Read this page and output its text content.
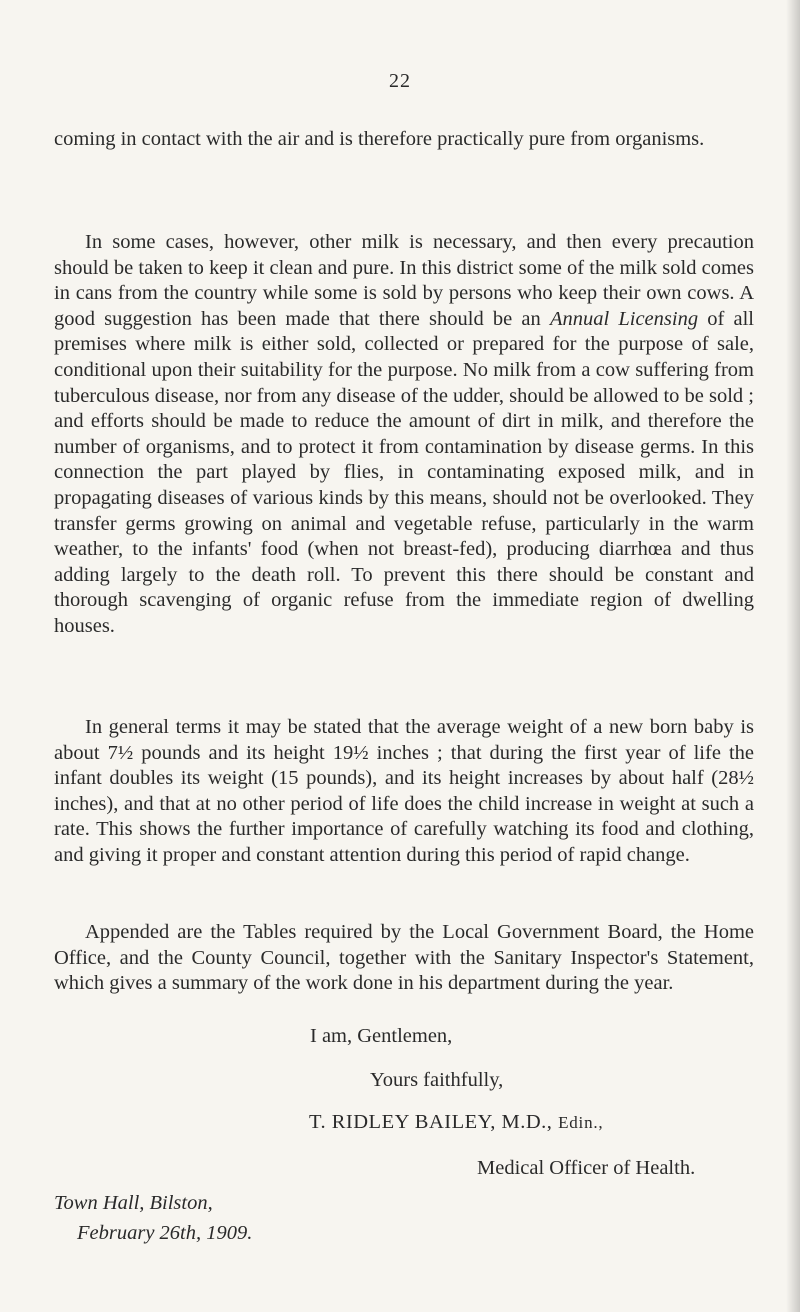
22

coming in contact with the air and is therefore practically pure from organisms.

In some cases, however, other milk is necessary, and then every precaution should be taken to keep it clean and pure. In this district some of the milk sold comes in cans from the country while some is sold by persons who keep their own cows. A good suggestion has been made that there should be an Annual Licensing of all premises where milk is either sold, collected or prepared for the purpose of sale, conditional upon their suitability for the purpose. No milk from a cow suffering from tuberculous disease, nor from any disease of the udder, should be allowed to be sold ; and efforts should be made to reduce the amount of dirt in milk, and therefore the number of organisms, and to protect it from contamination by disease germs. In this connection the part played by flies, in contaminating exposed milk, and in propagating diseases of various kinds by this means, should not be overlooked. They transfer germs growing on animal and vegetable refuse, particularly in the warm weather, to the infants' food (when not breast-fed), producing diarrhœa and thus adding largely to the death roll. To prevent this there should be constant and thorough scavenging of organic refuse from the immediate region of dwelling houses.

In general terms it may be stated that the average weight of a new born baby is about 7½ pounds and its height 19½ inches ; that during the first year of life the infant doubles its weight (15 pounds), and its height increases by about half (28½ inches), and that at no other period of life does the child increase in weight at such a rate. This shows the further importance of carefully watching its food and clothing, and giving it proper and constant attention during this period of rapid change.

Appended are the Tables required by the Local Government Board, the Home Office, and the County Council, together with the Sanitary Inspector's Statement, which gives a summary of the work done in his department during the year.

I am, Gentlemen,
Yours faithfully,
T. RIDLEY BAILEY, M.D., Edin.,
Medical Officer of Health.
Town Hall, Bilston,
February 26th, 1909.
